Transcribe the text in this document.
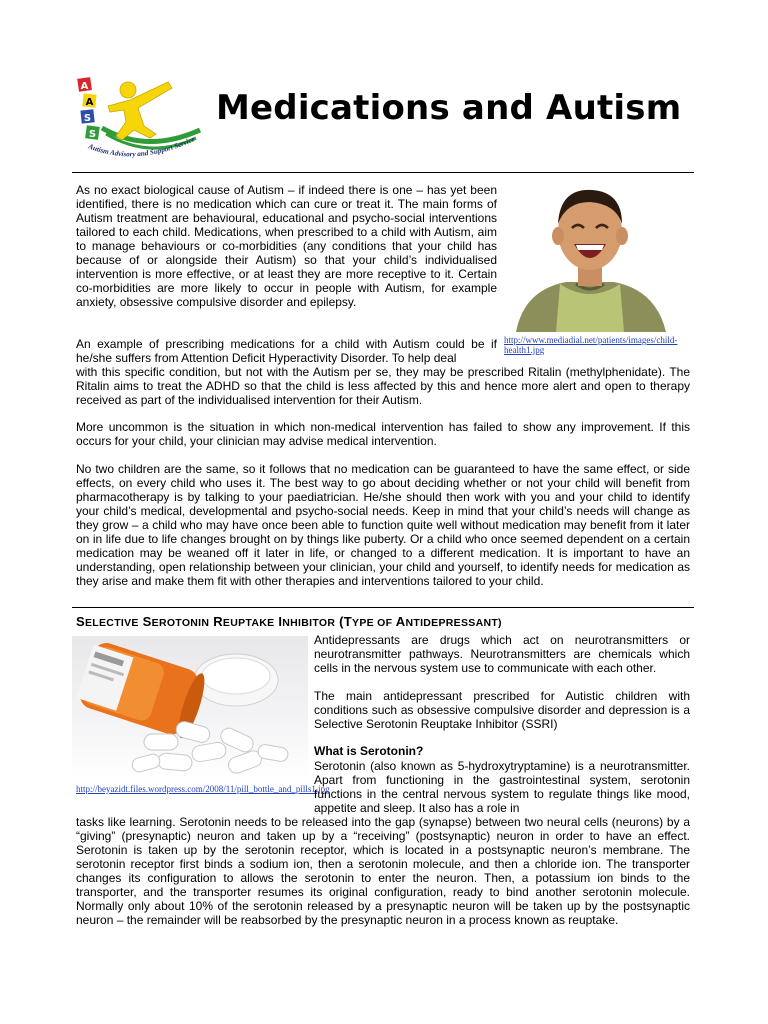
A
A
S
S
Autism Advisory and Support Service
Medications and Autism
http://www.mediadial.net/patients/images/child-health1.jpg

As no exact biological cause of Autism – if indeed there is one – has yet been identified, there is no medication which can cure or treat it. The main forms of Autism treatment are behavioural, educational and psycho-social interventions tailored to each child. Medications, when prescribed to a child with Autism, aim to manage behaviours or co-morbidities (any conditions that your child has because of or alongside their Autism) so that your child’s individualised intervention is more effective, or at least they are more receptive to it. Certain co-morbidities are more likely to occur in people with Autism, for example anxiety, obsessive compulsive disorder and epilepsy.

An example of prescribing medications for a child with Autism could be if he/she suffers from Attention Deficit Hyperactivity Disorder. To help deal

with this specific condition, but not with the Autism per se, they may be prescribed Ritalin (methylphenidate). The Ritalin aims to treat the ADHD so that the child is less affected by this and hence more alert and open to therapy received as part of the individualised intervention for their Autism.

More uncommon is the situation in which non-medical intervention has failed to show any improvement. If this occurs for your child, your clinician may advise medical intervention.

No two children are the same, so it follows that no medication can be guaranteed to have the same effect, or side effects, on every child who uses it. The best way to go about deciding whether or not your child will benefit from pharmacotherapy is by talking to your paediatrician. He/she should then work with you and your child to identify your child’s medical, developmental and psycho-social needs. Keep in mind that your child’s needs will change as they grow – a child who may have once been able to function quite well without medication may benefit from it later on in life due to life changes brought on by things like puberty. Or a child who once seemed dependent on a certain medication may be weaned off it later in life, or changed to a different medication. It is important to have an understanding, open relationship between your clinician, your child and yourself, to identify needs for medication as they arise and make them fit with other therapies and interventions tailored to your child.

SELECTIVE SEROTONIN REUPTAKE INHIBITOR (TYPE OF ANTIDEPRESSANT)
http://beyazidt.files.wordpress.com/2008/11/pill_bottle_and_pills1.jpg

Antidepressants are drugs which act on neurotransmitters or neurotransmitter pathways. Neurotransmitters are chemicals which cells in the nervous system use to communicate with each other.

The main antidepressant prescribed for Autistic children with conditions such as obsessive compulsive disorder and depression is a Selective Serotonin Reuptake Inhibitor (SSRI)

What is Serotonin?

Serotonin (also known as 5-hydroxytryptamine) is a neurotransmitter. Apart from functioning in the gastrointestinal system, serotonin functions in the central nervous system to regulate things like mood, appetite and sleep. It also has a role in

tasks like learning. Serotonin needs to be released into the gap (synapse) between two neural cells (neurons) by a “giving” (presynaptic) neuron and taken up by a “receiving” (postsynaptic) neuron in order to have an effect. Serotonin is taken up by the serotonin receptor, which is located in a postsynaptic neuron’s membrane. The serotonin receptor first binds a sodium ion, then a serotonin molecule, and then a chloride ion. The transporter changes its configuration to allows the serotonin to enter the neuron. Then, a potassium ion binds to the transporter, and the transporter resumes its original configuration, ready to bind another serotonin molecule. Normally only about 10% of the serotonin released by a presynaptic neuron will be taken up by the postsynaptic neuron – the remainder will be reabsorbed by the presynaptic neuron in a process known as reuptake.
